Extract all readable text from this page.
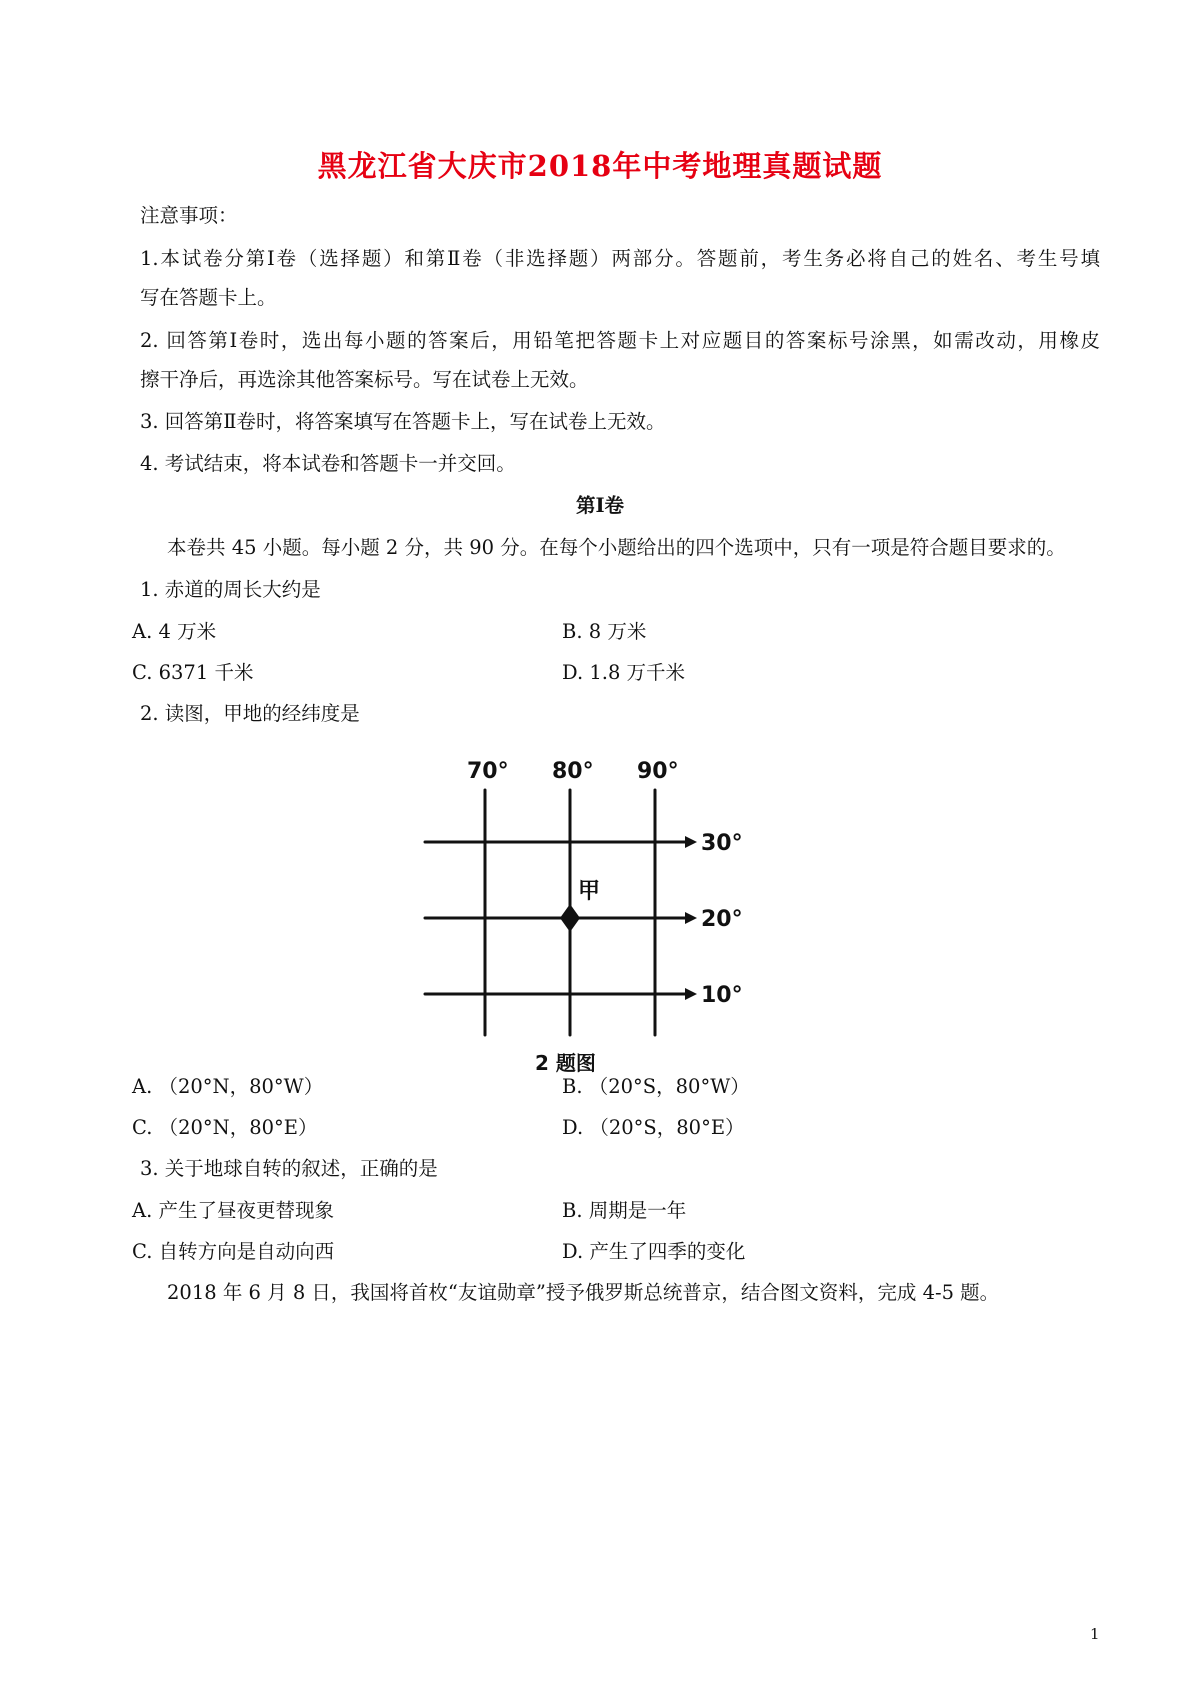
黑龙江省大庆市2018年中考地理真题试题
注意事项：
1.本试卷分第Ⅰ卷（选择题）和第Ⅱ卷（非选择题）两部分。答题前，考生务必将自己的姓名、考生号填
写在答题卡上。
2. 回答第Ⅰ卷时，选出每小题的答案后，用铅笔把答题卡上对应题目的答案标号涂黑，如需改动，用橡皮
擦干净后，再选涂其他答案标号。写在试卷上无效。
3. 回答第Ⅱ卷时，将答案填写在答题卡上，写在试卷上无效。
4. 考试结束，将本试卷和答题卡一并交回。
第Ⅰ卷
本卷共 45 小题。每小题 2 分，共 90 分。在每个小题给出的四个选项中，只有一项是符合题目要求的。
1. 赤道的周长大约是
A. 4 万米	B. 8 万米
C. 6371 千米	D. 1.8 万千米
2. 读图，甲地的经纬度是
70° 80° 90°
30°
20°
10°
甲
2 题图
A. （20°N，80°W）	B. （20°S，80°W）
C. （20°N，80°E）	D. （20°S，80°E）
3. 关于地球自转的叙述，正确的是
A. 产生了昼夜更替现象	B. 周期是一年
C. 自转方向是自动向西	D. 产生了四季的变化
2018 年 6 月 8 日，我国将首枚“友谊勋章”授予俄罗斯总统普京，结合图文资料，完成 4-5 题。
1
